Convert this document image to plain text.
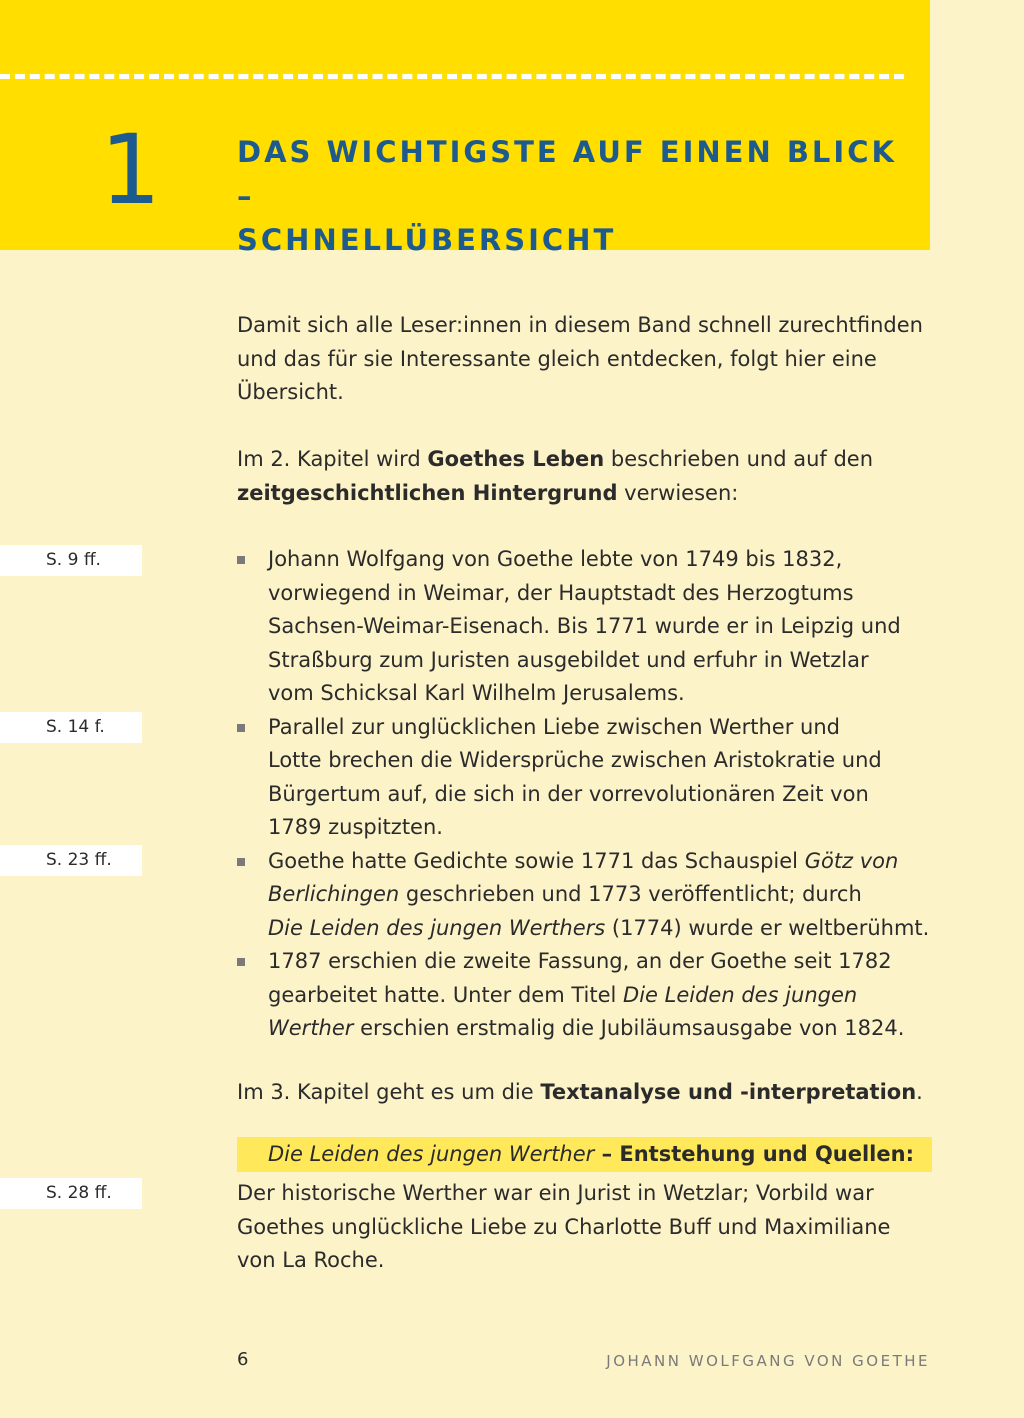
1	DAS WICHTIGSTE AUF EINEN BLICK –
SCHNELLÜBERSICHT
Damit sich alle Leser:innen in diesem Band schnell zurechtfinden
und das für sie Interessante gleich entdecken, folgt hier eine
Übersicht.
Im 2. Kapitel wird Goethes Leben beschrieben und auf den
zeitgeschichtlichen Hintergrund verwiesen:
S. 9 ff.
S. 14 f.
S. 23 ff.
S. 28 ff.
Johann Wolfgang von Goethe lebte von 1749 bis 1832,
vorwiegend in Weimar, der Hauptstadt des Herzogtums
Sachsen-Weimar-Eisenach. Bis 1771 wurde er in Leipzig und
Straßburg zum Juristen ausgebildet und erfuhr in Wetzlar
vom Schicksal Karl Wilhelm Jerusalems.
Parallel zur unglücklichen Liebe zwischen Werther und
Lotte brechen die Widersprüche zwischen Aristokratie und
Bürgertum auf, die sich in der vorrevolutionären Zeit von
1789 zuspitzten.
Goethe hatte Gedichte sowie 1771 das Schauspiel Götz von
Berlichingen geschrieben und 1773 veröffentlicht; durch
Die Leiden des jungen Werthers (1774) wurde er weltberühmt.
1787 erschien die zweite Fassung, an der Goethe seit 1782
gearbeitet hatte. Unter dem Titel Die Leiden des jungen
Werther erschien erstmalig die Jubiläumsausgabe von 1824.
Im 3. Kapitel geht es um die Textanalyse und -interpretation.
Die Leiden des jungen Werther – Entstehung und Quellen:
Der historische Werther war ein Jurist in Wetzlar; Vorbild war
Goethes unglückliche Liebe zu Charlotte Buff und Maximiliane
von La Roche.
6	JOHANN WOLFGANG VON GOETHE
